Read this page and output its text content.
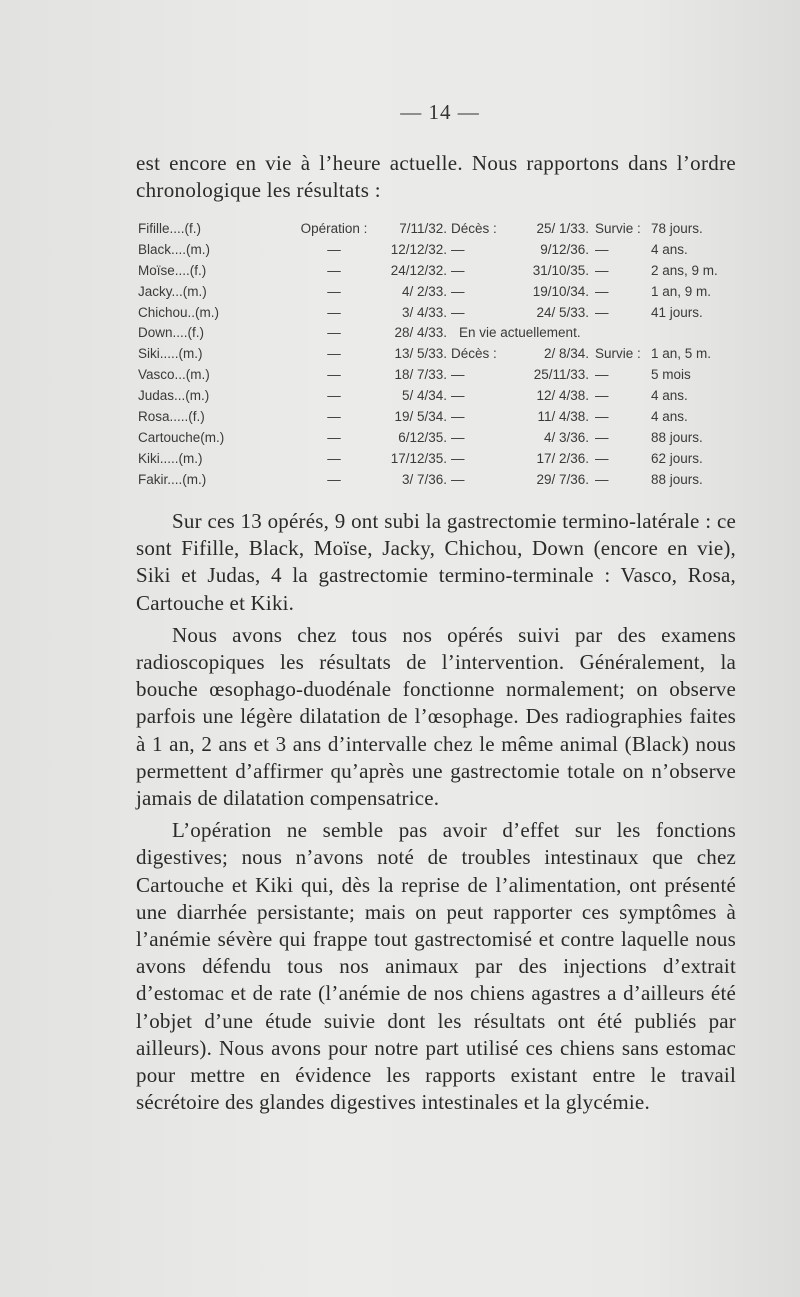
— 14 —
est encore en vie à l’heure actuelle. Nous rapportons dans l’ordre chronologique les résultats :
Fifille....(f.)	Opération :	7/11/32.	Décès :	25/ 1/33.	Survie :	78 jours.
Black....(m.)	—	12/12/32.	—	9/12/36.	—	4 ans.
Moïse....(f.)	—	24/12/32.	—	31/10/35.	—	2 ans, 9 m.
Jacky...(m.)	—	4/ 2/33.	—	19/10/34.	—	1 an, 9 m.
Chichou..(m.)	—	3/ 4/33.	—	24/ 5/33.	—	41 jours.
Down....(f.)	—	28/ 4/33.	En vie actuellement.			
Siki.....(m.)	—	13/ 5/33.	Décès :	2/ 8/34.	Survie :	1 an, 5 m.
Vasco...(m.)	—	18/ 7/33.	—	25/11/33.	—	5 mois
Judas...(m.)	—	5/ 4/34.	—	12/ 4/38.	—	4 ans.
Rosa.....(f.)	—	19/ 5/34.	—	11/ 4/38.	—	4 ans.
Cartouche(m.)	—	6/12/35.	—	4/ 3/36.	—	88 jours.
Kiki.....(m.)	—	17/12/35.	—	17/ 2/36.	—	62 jours.
Fakir....(m.)	—	3/ 7/36.	—	29/ 7/36.	—	88 jours.

Sur ces 13 opérés, 9 ont subi la gastrectomie termino-latérale : ce sont Fifille, Black, Moïse, Jacky, Chichou, Down (encore en vie), Siki et Judas, 4 la gastrectomie termino-terminale : Vasco, Rosa, Cartouche et Kiki.

Nous avons chez tous nos opérés suivi par des examens radioscopiques les résultats de l’intervention. Généralement, la bouche œsophago-duodénale fonctionne normalement; on observe parfois une légère dilatation de l’œsophage. Des radiographies faites à 1 an, 2 ans et 3 ans d’intervalle chez le même animal (Black) nous permettent d’affirmer qu’après une gastrectomie totale on n’observe jamais de dilatation compensatrice.

L’opération ne semble pas avoir d’effet sur les fonctions digestives; nous n’avons noté de troubles intestinaux que chez Cartouche et Kiki qui, dès la reprise de l’alimentation, ont présenté une diarrhée persistante; mais on peut rapporter ces symptômes à l’anémie sévère qui frappe tout gastrectomisé et contre laquelle nous avons défendu tous nos animaux par des injections d’extrait d’estomac et de rate (l’anémie de nos chiens agastres a d’ailleurs été l’objet d’une étude suivie dont les résultats ont été publiés par ailleurs). Nous avons pour notre part utilisé ces chiens sans estomac pour mettre en évidence les rapports existant entre le travail sécrétoire des glandes digestives intestinales et la glycémie.
